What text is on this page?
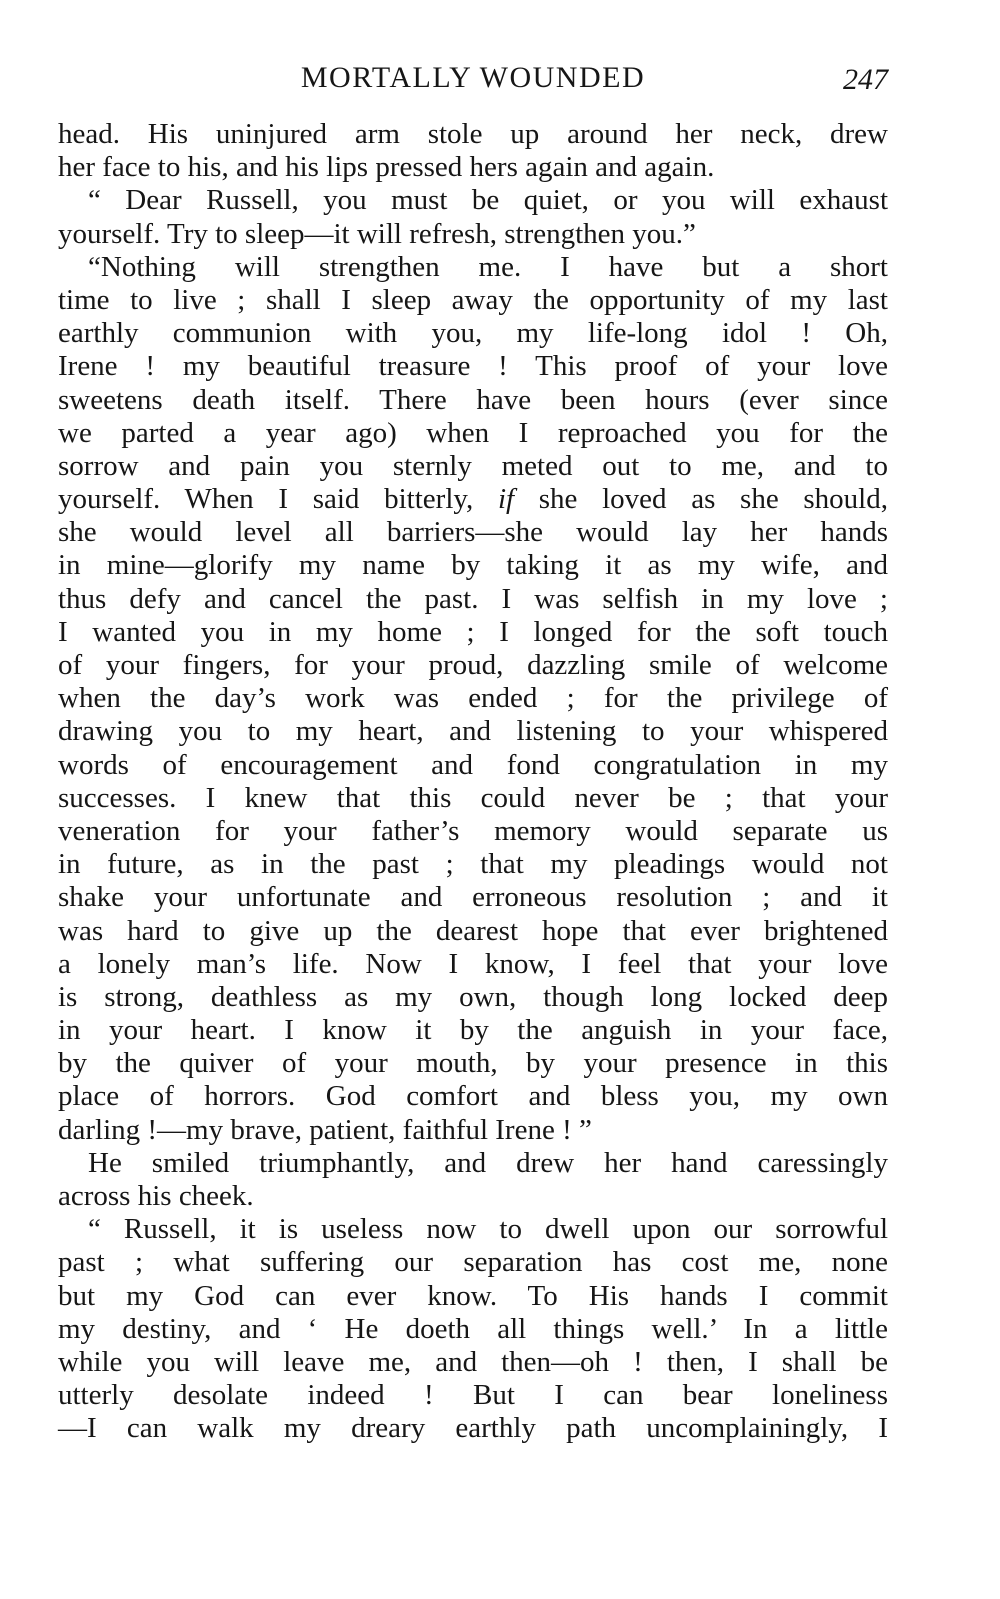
MORTALLY WOUNDED	247
head. His uninjured arm stole up around her neck, drew
her face to his, and his lips pressed hers again and again.
“ Dear Russell, you must be quiet, or you will exhaust
yourself. Try to sleep—it will refresh, strengthen you.”
“Nothing will strengthen me. I have but a short
time to live ; shall I sleep away the opportunity of my last
earthly communion with you, my life-long idol ! Oh,
Irene ! my beautiful treasure ! This proof of your love
sweetens death itself. There have been hours (ever since
we parted a year ago) when I reproached you for the
sorrow and pain you sternly meted out to me, and to
yourself. When I said bitterly, if she loved as she should,
she would level all barriers—she would lay her hands
in mine—glorify my name by taking it as my wife, and
thus defy and cancel the past. I was selfish in my love ;
I wanted you in my home ; I longed for the soft touch
of your fingers, for your proud, dazzling smile of welcome
when the day’s work was ended ; for the privilege of
drawing you to my heart, and listening to your whispered
words of encouragement and fond congratulation in my
successes. I knew that this could never be ; that your
veneration for your father’s memory would separate us
in future, as in the past ; that my pleadings would not
shake your unfortunate and erroneous resolution ; and it
was hard to give up the dearest hope that ever brightened
a lonely man’s life. Now I know, I feel that your love
is strong, deathless as my own, though long locked deep
in your heart. I know it by the anguish in your face,
by the quiver of your mouth, by your presence in this
place of horrors. God comfort and bless you, my own
darling !—my brave, patient, faithful Irene ! ”
He smiled triumphantly, and drew her hand caressingly
across his cheek.
“ Russell, it is useless now to dwell upon our sorrowful
past ; what suffering our separation has cost me, none
but my God can ever know. To His hands I commit
my destiny, and ‘ He doeth all things well.’ In a little
while you will leave me, and then—oh ! then, I shall be
utterly desolate indeed ! But I can bear loneliness
—I can walk my dreary earthly path uncomplainingly, I
